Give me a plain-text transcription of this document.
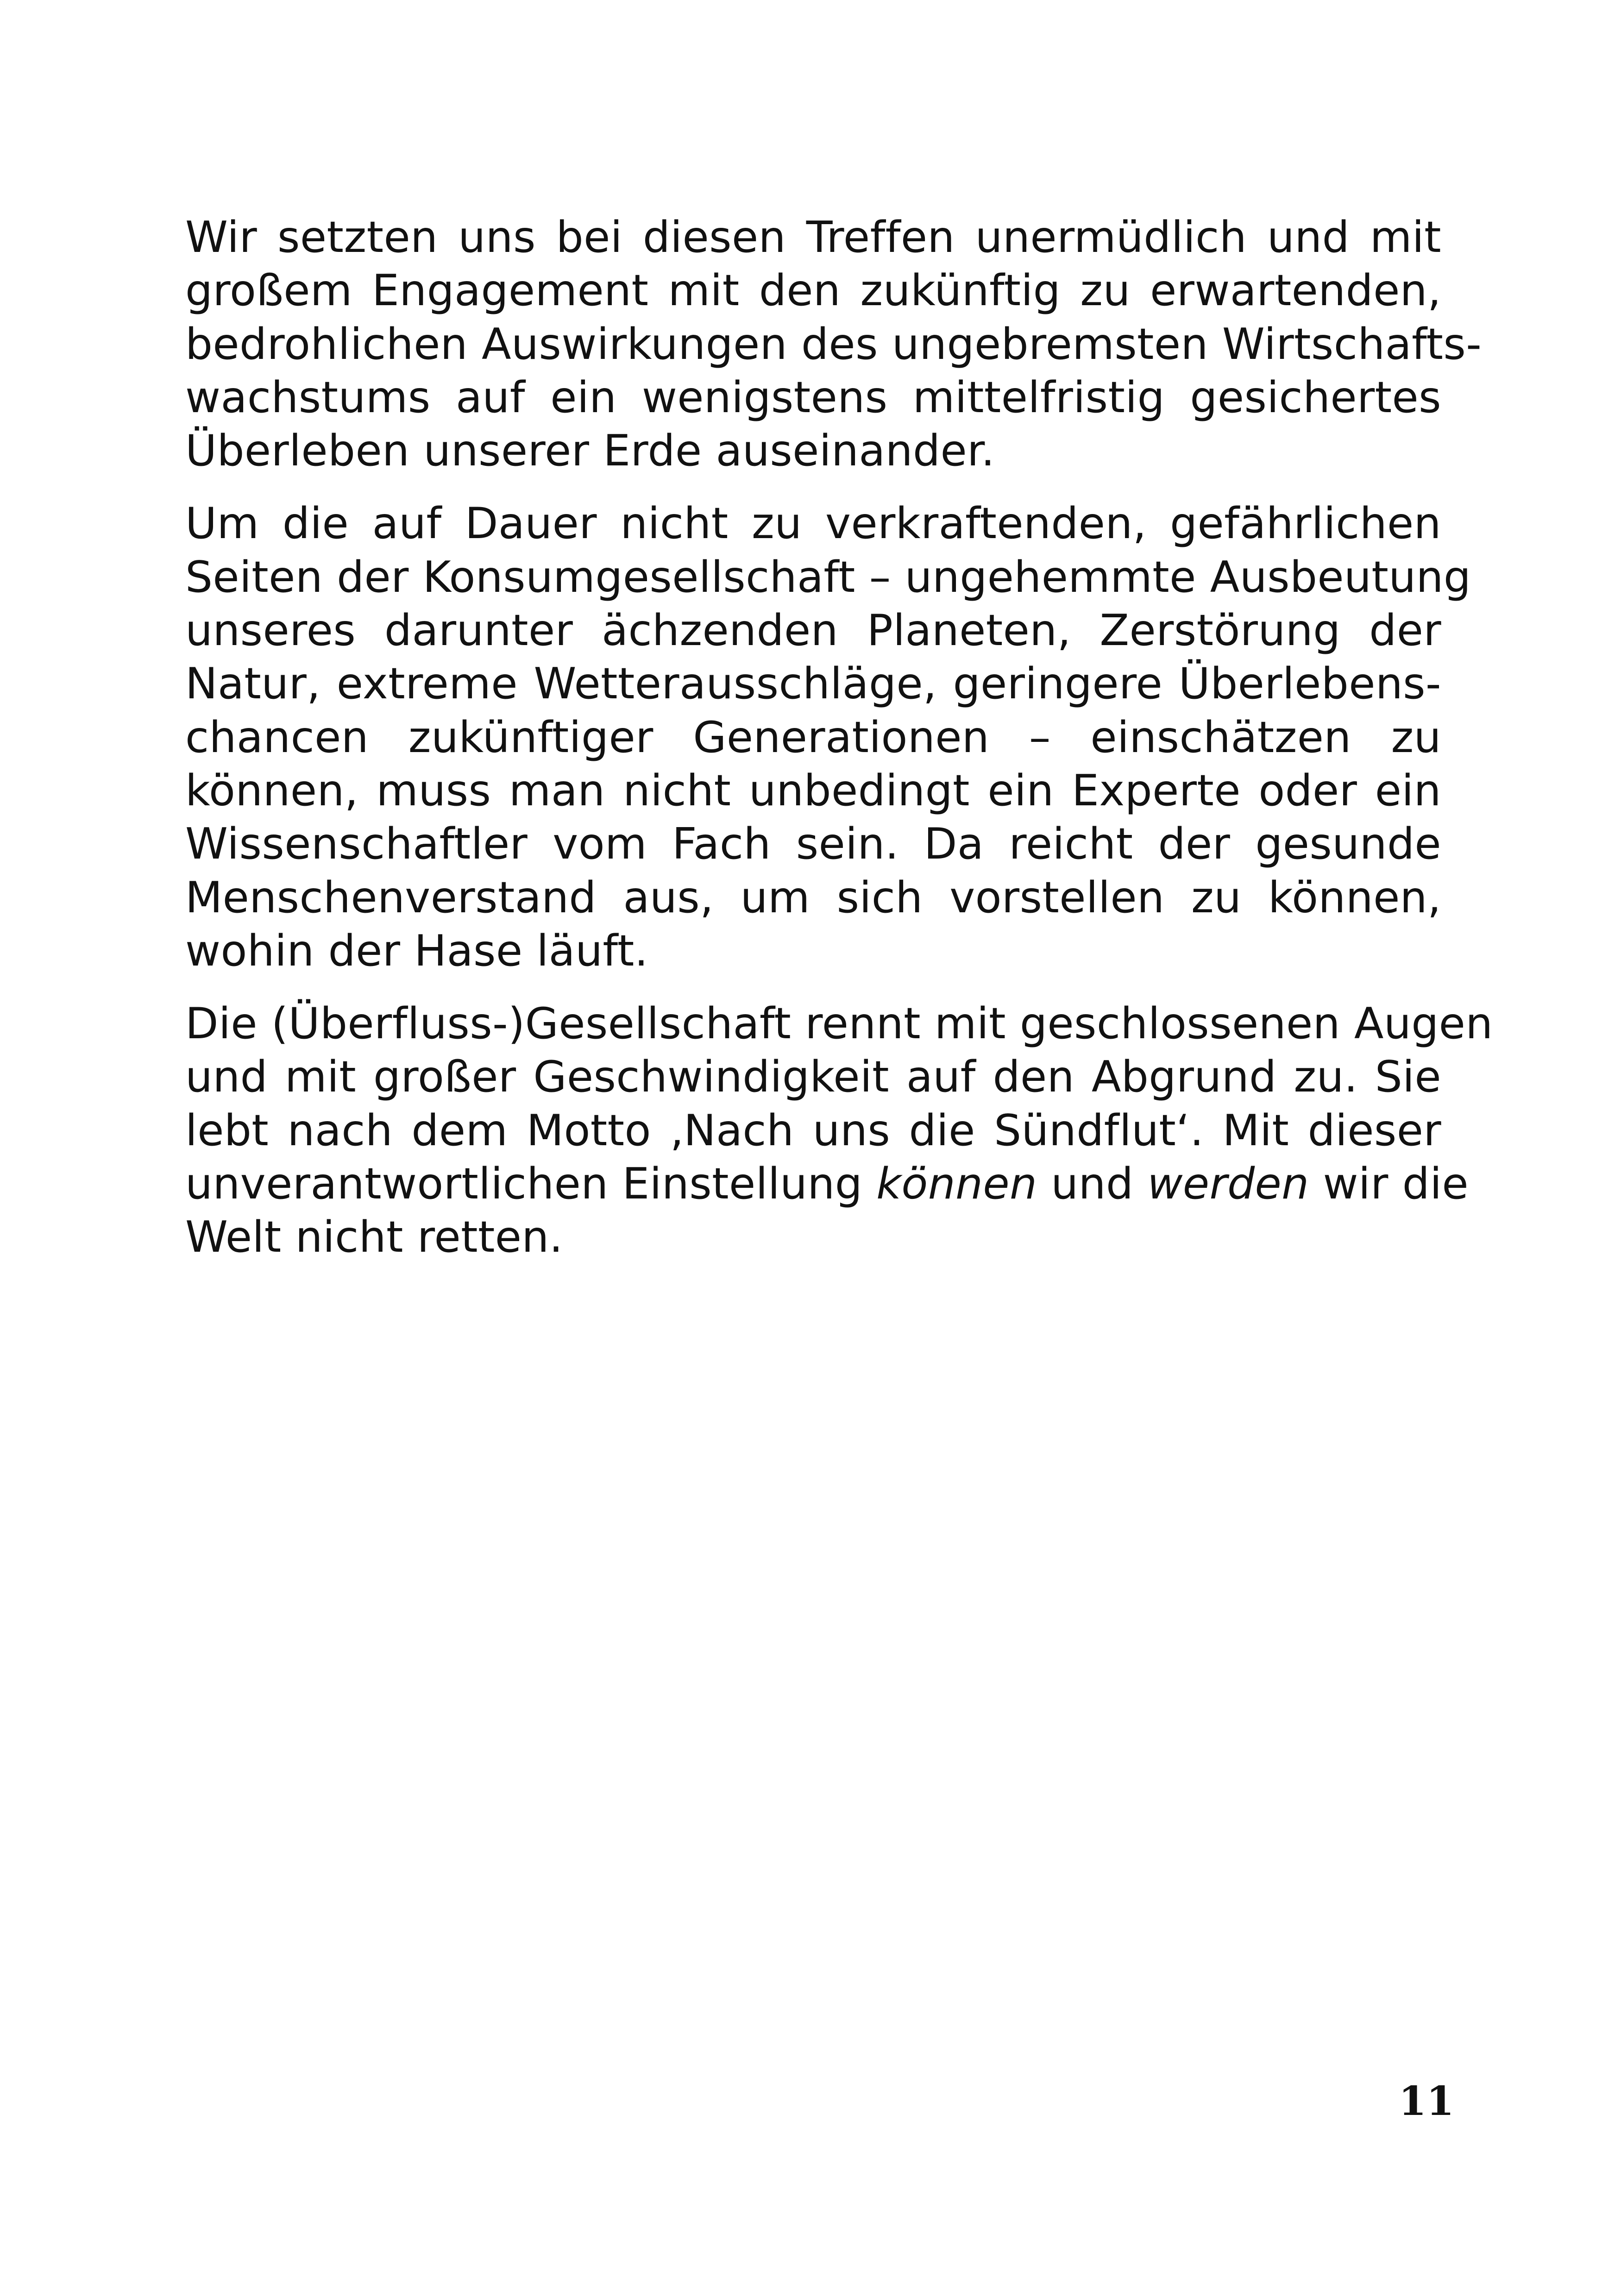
Wir setzten uns bei diesen Treffen unermüdlich und mit
großem Engagement mit den zukünftig zu erwartenden,
bedrohlichen Auswirkungen des ungebremsten Wirtschafts-
wachstums auf ein wenigstens mittelfristig gesichertes
Überleben unserer Erde auseinander.

Um die auf Dauer nicht zu verkraftenden, gefährlichen
Seiten der Konsumgesellschaft – ungehemmte Ausbeutung
unseres darunter ächzenden Planeten, Zerstörung der
Natur, extreme Wetterausschläge, geringere Überlebens-
chancen zukünftiger Generationen – einschätzen zu
können, muss man nicht unbedingt ein Experte oder ein
Wissenschaftler vom Fach sein. Da reicht der gesunde
Menschenverstand aus, um sich vorstellen zu können,
wohin der Hase läuft.

Die (Überfluss-)Gesellschaft rennt mit geschlossenen Augen
und mit großer Geschwindigkeit auf den Abgrund zu. Sie
lebt nach dem Motto ‚Nach uns die Sündflut‘. Mit dieser
unverantwortlichen Einstellung können und werden wir die
Welt nicht retten.

11
